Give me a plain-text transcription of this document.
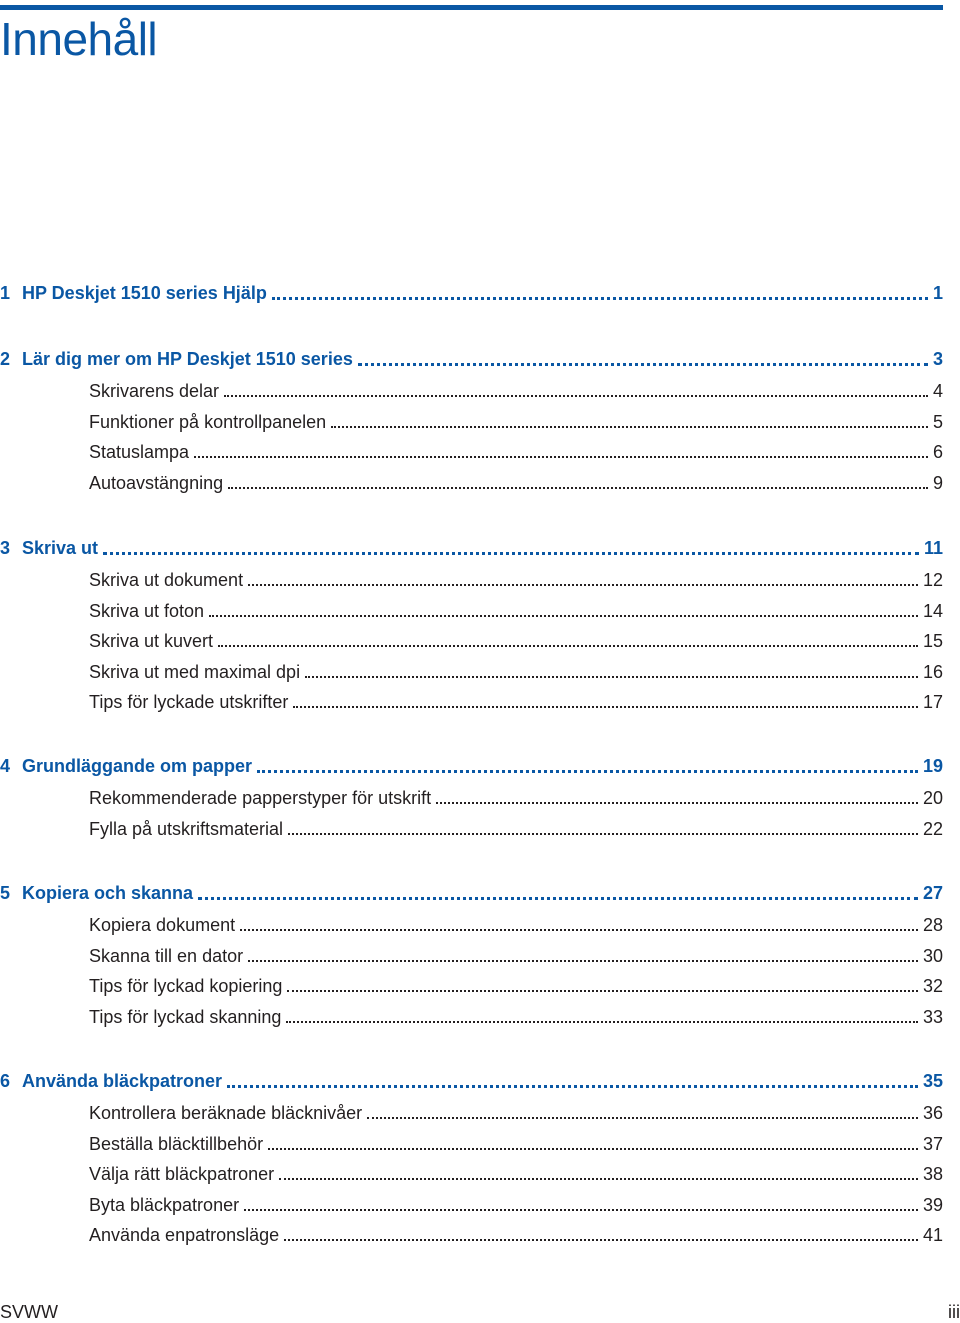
Innehåll
1 HP Deskjet 1510 series Hjälp	1
2 Lär dig mer om HP Deskjet 1510 series	3
Skrivarens delar	4
Funktioner på kontrollpanelen	5
Statuslampa	6
Autoavstängning	9
3 Skriva ut	11
Skriva ut dokument	12
Skriva ut foton	14
Skriva ut kuvert	15
Skriva ut med maximal dpi	16
Tips för lyckade utskrifter	17
4 Grundläggande om papper	19
Rekommenderade papperstyper för utskrift	20
Fylla på utskriftsmaterial	22
5 Kopiera och skanna	27
Kopiera dokument	28
Skanna till en dator	30
Tips för lyckad kopiering	32
Tips för lyckad skanning	33
6 Använda bläckpatroner	35
Kontrollera beräknade bläcknivåer	36
Beställa bläcktillbehör	37
Välja rätt bläckpatroner	38
Byta bläckpatroner	39
Använda enpatronsläge	41
SVWW	iii
